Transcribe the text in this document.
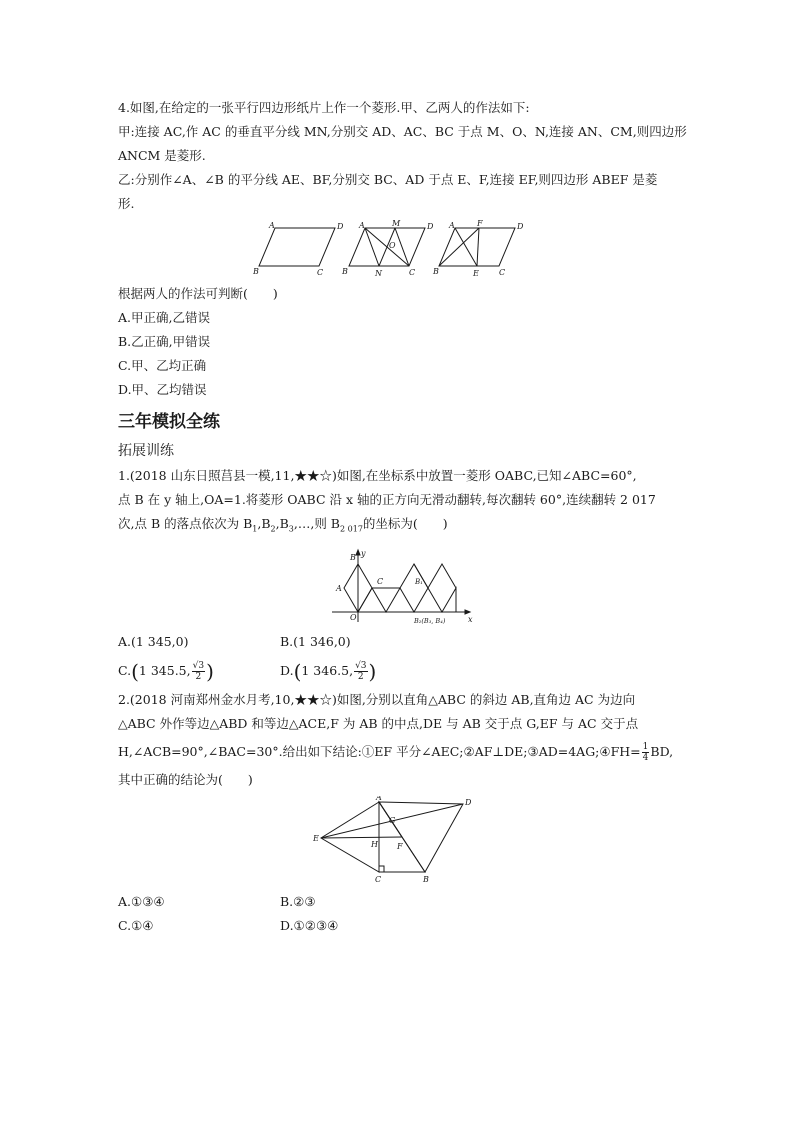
4.如图,在给定的一张平行四边形纸片上作一个菱形.甲、乙两人的作法如下:
甲:连接 AC,作 AC 的垂直平分线 MN,分别交 AD、AC、BC 于点 M、O、N,连接 AN、CM,则四边形
ANCM 是菱形.
乙:分别作∠A、∠B 的平分线 AE、BF,分别交 BC、AD 于点 E、F,连接 EF,则四边形 ABEF 是菱
形.
A	D
B	C
A	M	D
O
B	N	C
A	F	D
B	E	C
根据两人的作法可判断(　　)
A.甲正确,乙错误
B.乙正确,甲错误
C.甲、乙均正确
D.甲、乙均错误
三年模拟全练
拓展训练
1.(2018 山东日照莒县一模,11,★★☆)如图,在坐标系中放置一菱形 OABC,已知∠ABC=60°,
点 B 在 y 轴上,OA=1.将菱形 OABC 沿 x 轴的正方向无滑动翻转,每次翻转 60°,连续翻转 2 017
次,点 B 的落点依次为 $B_1,B_2,B_3,\dots$,则 $B_{2 017}$的坐标为(　　)
B y
A
C	B₁
O	x
B₂(B₃, B₄)
A.(1 345,0)	B.(1 346,0)
C.(1 345.5, $\frac{√3}{2}$ )	D.(1 346.5, $\frac{√3}{2}$ )
2.(2018 河南郑州金水月考,10,★★☆)如图,分别以直角△ABC 的斜边 AB,直角边 AC 为边向
△ABC 外作等边△ABD 和等边△ACE,F 为 AB 的中点,DE 与 AB 交于点 G,EF 与 AC 交于点
H,∠ACB=90°,∠BAC=30°.给出如下结论:①EF 平分∠AEC;②AF⊥DE;③AD=4AG;④FH= $\frac{1}{4}$ BD,
其中正确的结论为(　　)
A
D
G
E
H F
C	B
A.①③④	B.②③
C.①④	D.①②③④
